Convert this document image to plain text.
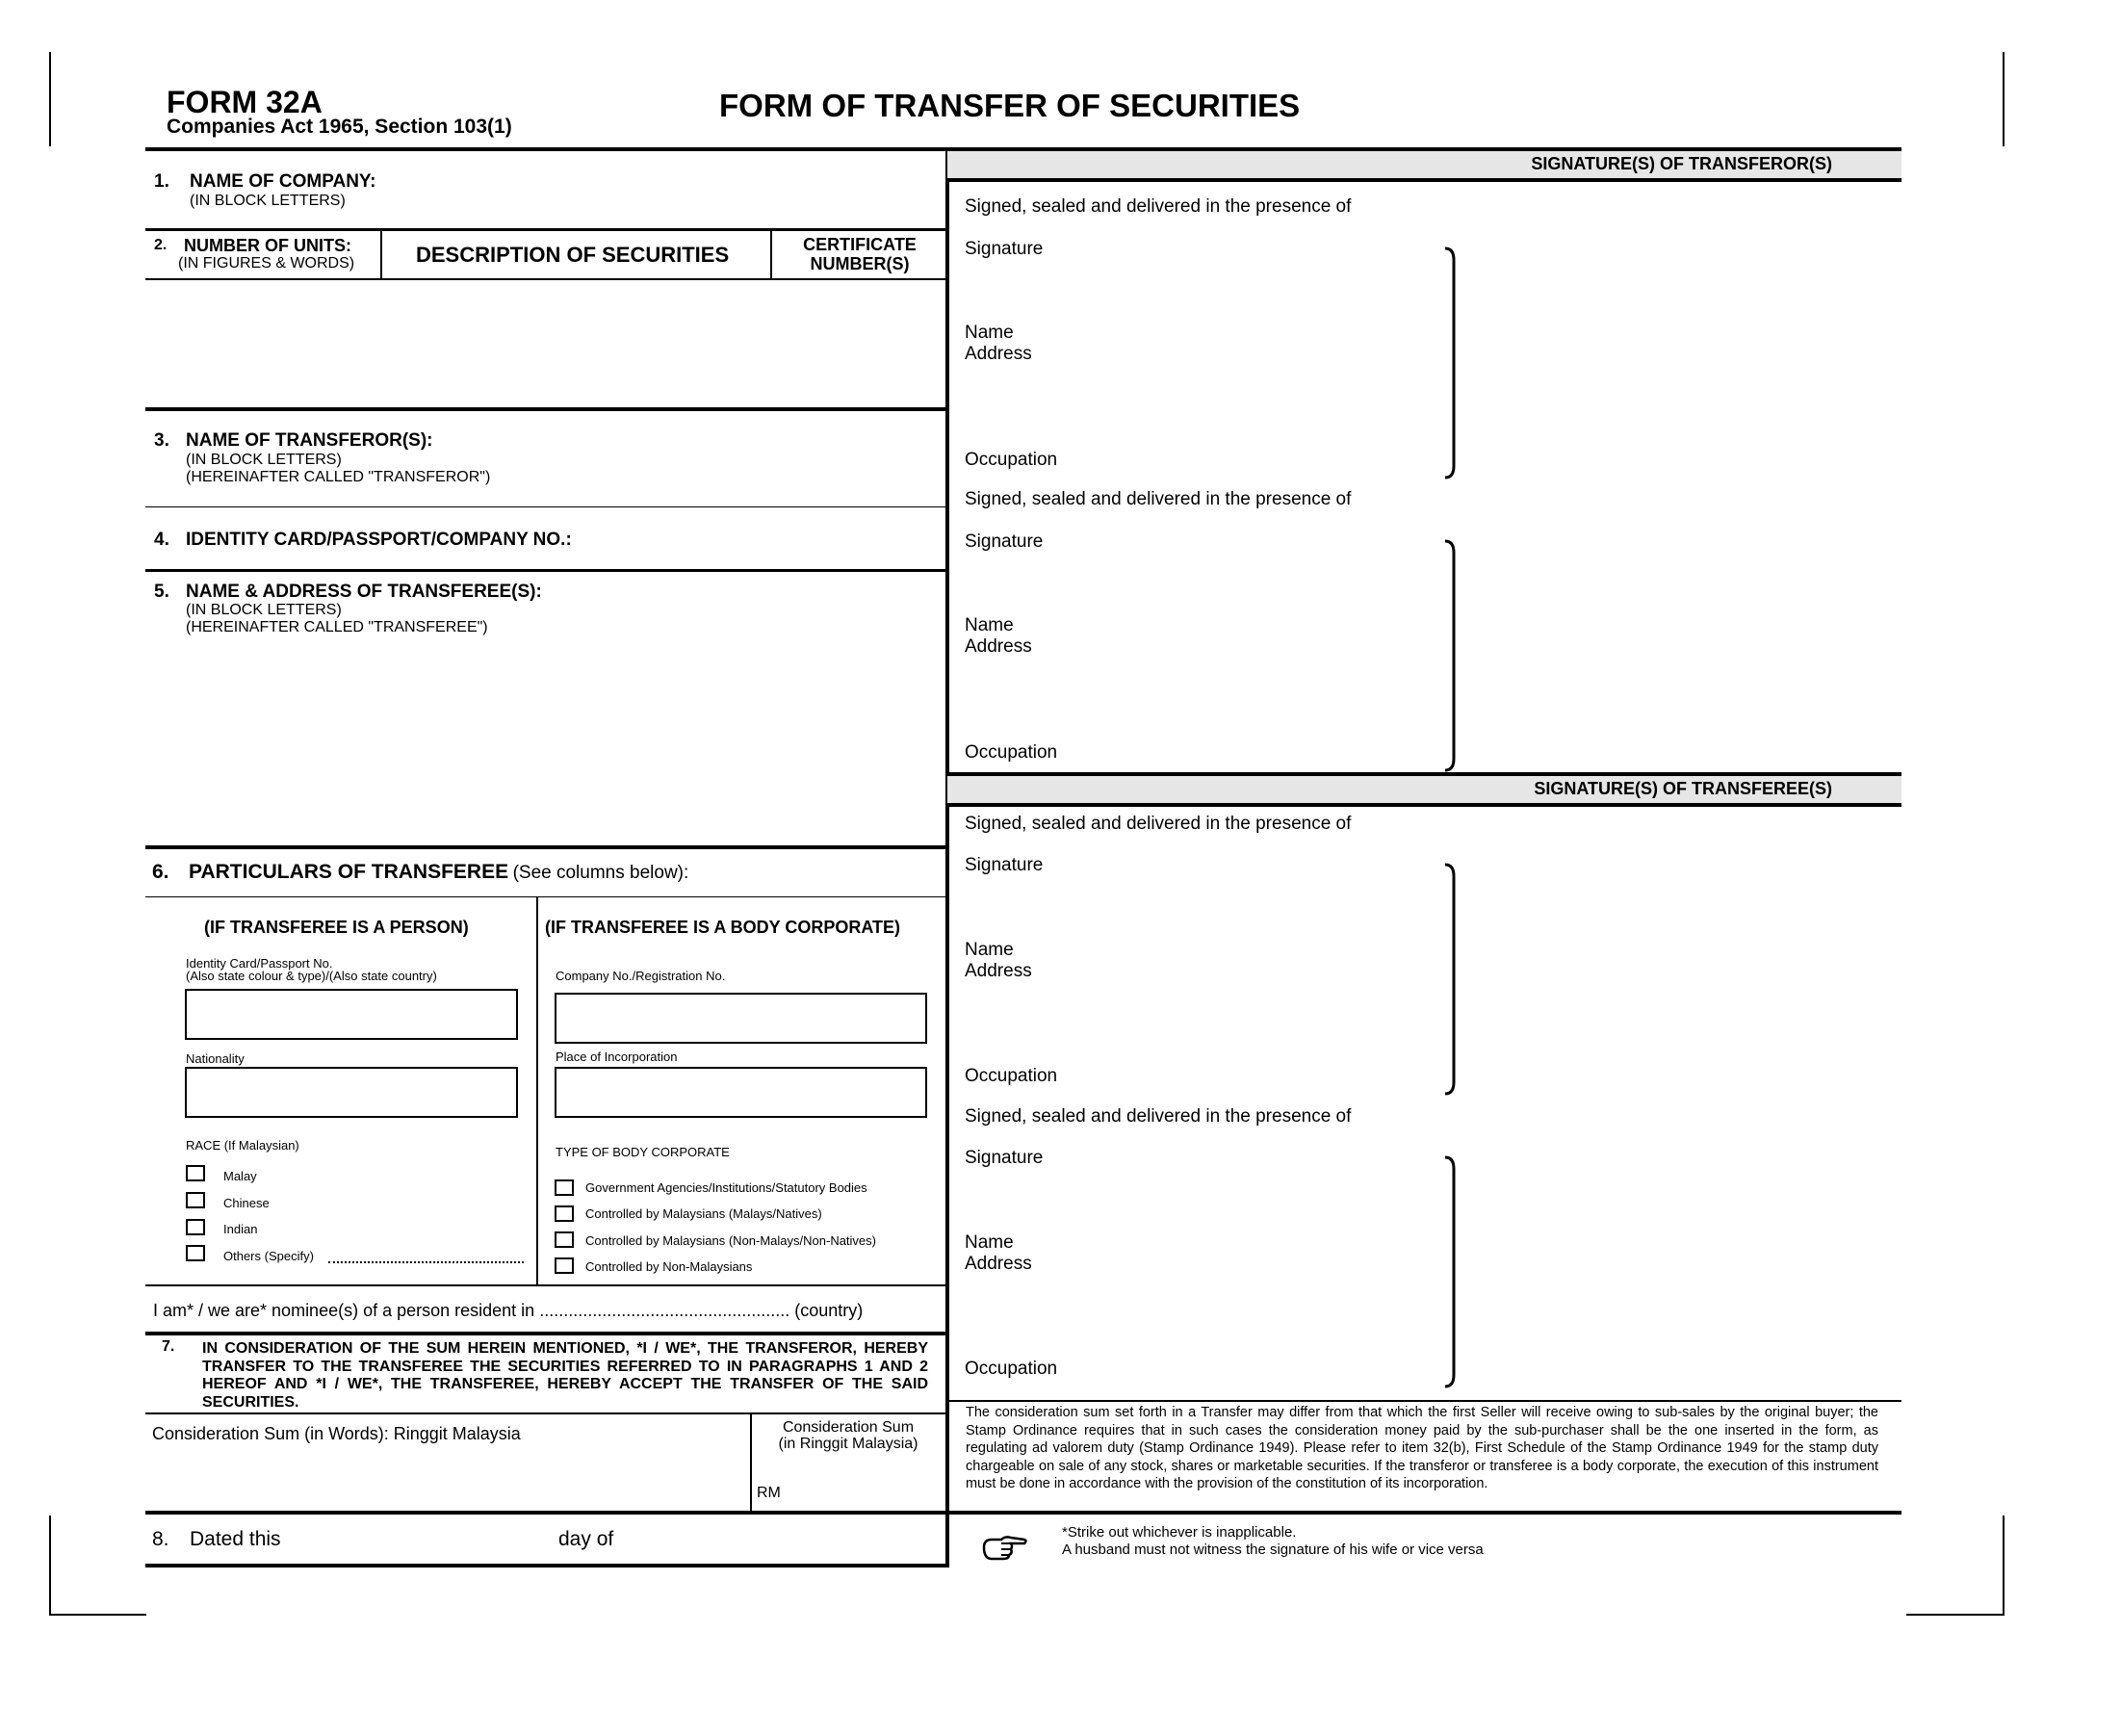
FORM 32A
Companies Act 1965, Section 103(1)
FORM OF TRANSFER OF SECURITIES
1. NAME OF COMPANY:
(IN BLOCK LETTERS)
2. NUMBER OF UNITS:
(IN FIGURES & WORDS)	DESCRIPTION OF SECURITIES	CERTIFICATE
NUMBER(S)
3. NAME OF TRANSFEROR(S):
(IN BLOCK LETTERS)
(HEREINAFTER CALLED "TRANSFEROR")
4. IDENTITY CARD/PASSPORT/COMPANY NO.:
5. NAME & ADDRESS OF TRANSFEREE(S):
(IN BLOCK LETTERS)
(HEREINAFTER CALLED "TRANSFEREE")
6. PARTICULARS OF TRANSFEREE (See columns below):
(IF TRANSFEREE IS A PERSON)	(IF TRANSFEREE IS A BODY CORPORATE)
Identity Card/Passport No.
(Also state colour & type)/(Also state country)
Nationality
RACE (If Malaysian)
Malay
Chinese
Indian
Others (Specify)
Company No./Registration No.
Place of Incorporation
TYPE OF BODY CORPORATE
Government Agencies/Institutions/Statutory Bodies
Controlled by Malaysians (Malays/Natives)
Controlled by Malaysians (Non-Malays/Non-Natives)
Controlled by Non-Malaysians
I am* / we are* nominee(s) of a person resident in .................................................... (country)
7. IN CONSIDERATION OF THE SUM HEREIN MENTIONED, *I / WE*, THE TRANSFEROR, HEREBY TRANSFER TO THE TRANSFEREE THE SECURITIES REFERRED TO IN PARAGRAPHS 1 AND 2 HEREOF AND *I / WE*, THE TRANSFEREE, HEREBY ACCEPT THE TRANSFER OF THE SAID SECURITIES.
Consideration Sum (in Words): Ringgit Malaysia	Consideration Sum
(in Ringgit Malaysia)
RM
8. Dated this	day of
SIGNATURE(S) OF TRANSFEROR(S)
Signed, sealed and delivered in the presence of
Signature
Name
Address
Occupation
Signed, sealed and delivered in the presence of
Signature
Name
Address
Occupation
SIGNATURE(S) OF TRANSFEREE(S)
Signed, sealed and delivered in the presence of
Signature
Name
Address
Occupation
Signed, sealed and delivered in the presence of
Signature
Name
Address
Occupation
The consideration sum set forth in a Transfer may differ from that which the first Seller will receive owing to sub-sales by the original buyer; the Stamp Ordinance requires that in such cases the consideration money paid by the sub-purchaser shall be the one inserted in the form, as regulating ad valorem duty (Stamp Ordinance 1949). Please refer to item 32(b), First Schedule of the Stamp Ordinance 1949 for the stamp duty chargeable on sale of any stock, shares or marketable securities. If the transferor or transferee is a body corporate, the execution of this instrument must be done in accordance with the provision of the constitution of its incorporation.
*Strike out whichever is inapplicable.
A husband must not witness the signature of his wife or vice versa
